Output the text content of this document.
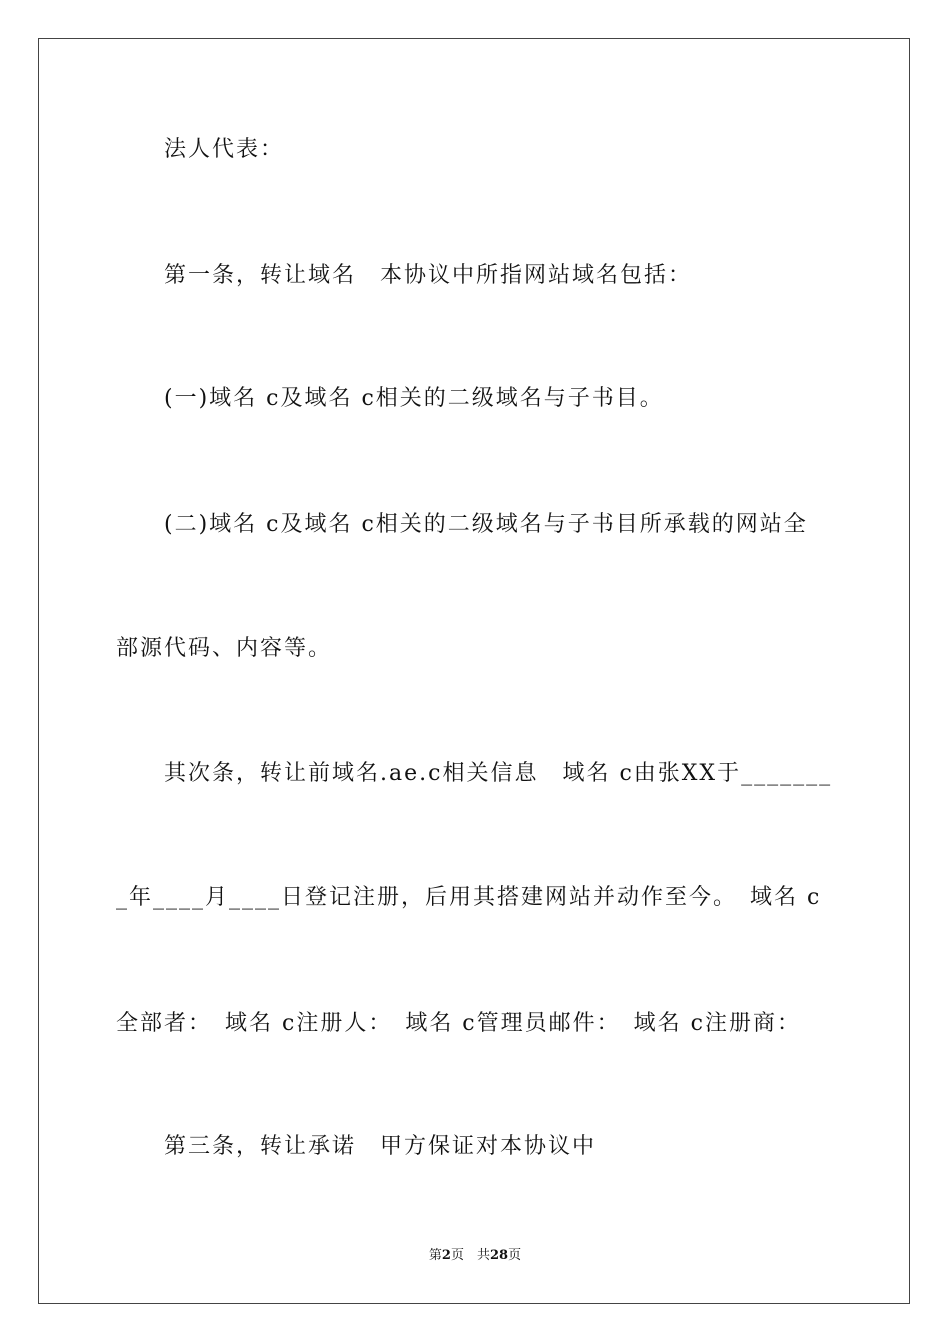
法人代表：
第一条，转让域名　本协议中所指网站域名包括：
(一)域名 c及域名 c相关的二级域名与子书目。
(二)域名 c及域名 c相关的二级域名与子书目所承载的网站全
部源代码、内容等。
其次条，转让前域名.ae.c相关信息　域名 c由张XX于_______
_年____月____日登记注册，后用其搭建网站并动作至今。　域名 c
全部者：　域名 c注册人：　域名 c管理员邮件：　域名 c注册商：
第三条，转让承诺　甲方保证对本协议中
第2页　共28页
